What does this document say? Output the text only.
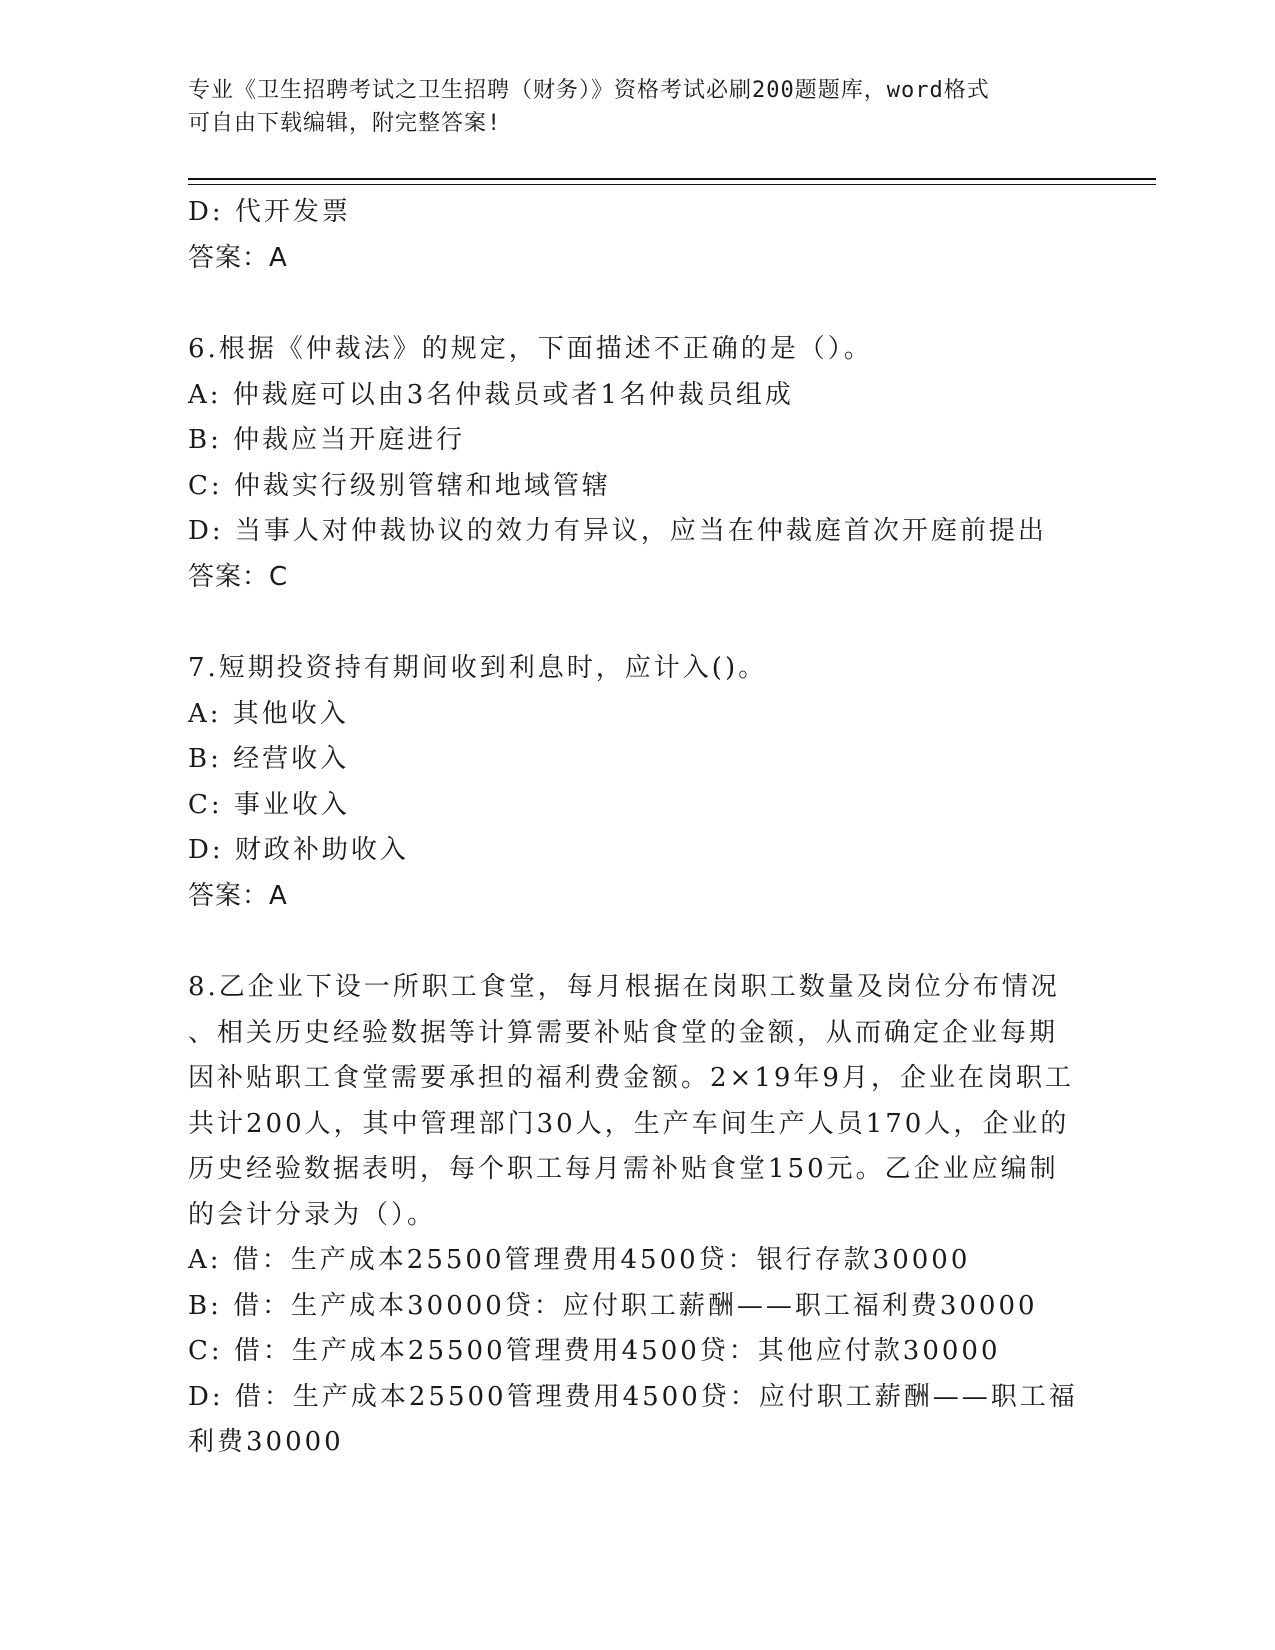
专业《卫生招聘考试之卫生招聘（财务）》资格考试必刷200题题库，word格式
可自由下载编辑，附完整答案!
D: 代开发票
答案：A
6.根据《仲裁法》的规定，下面描述不正确的是（）。
A: 仲裁庭可以由3名仲裁员或者1名仲裁员组成
B: 仲裁应当开庭进行
C: 仲裁实行级别管辖和地域管辖
D: 当事人对仲裁协议的效力有异议，应当在仲裁庭首次开庭前提出
答案：C
7.短期投资持有期间收到利息时，应计入()。
A: 其他收入
B: 经营收入
C: 事业收入
D: 财政补助收入
答案：A
8.乙企业下设一所职工食堂，每月根据在岗职工数量及岗位分布情况
、相关历史经验数据等计算需要补贴食堂的金额，从而确定企业每期
因补贴职工食堂需要承担的福利费金额。2×19年9月，企业在岗职工
共计200人，其中管理部门30人，生产车间生产人员170人，企业的
历史经验数据表明，每个职工每月需补贴食堂150元。乙企业应编制
的会计分录为（）。
A: 借：生产成本25500管理费用4500贷：银行存款30000
B: 借：生产成本30000贷：应付职工薪酬——职工福利费30000
C: 借：生产成本25500管理费用4500贷：其他应付款30000
D: 借：生产成本25500管理费用4500贷：应付职工薪酬——职工福
利费30000
